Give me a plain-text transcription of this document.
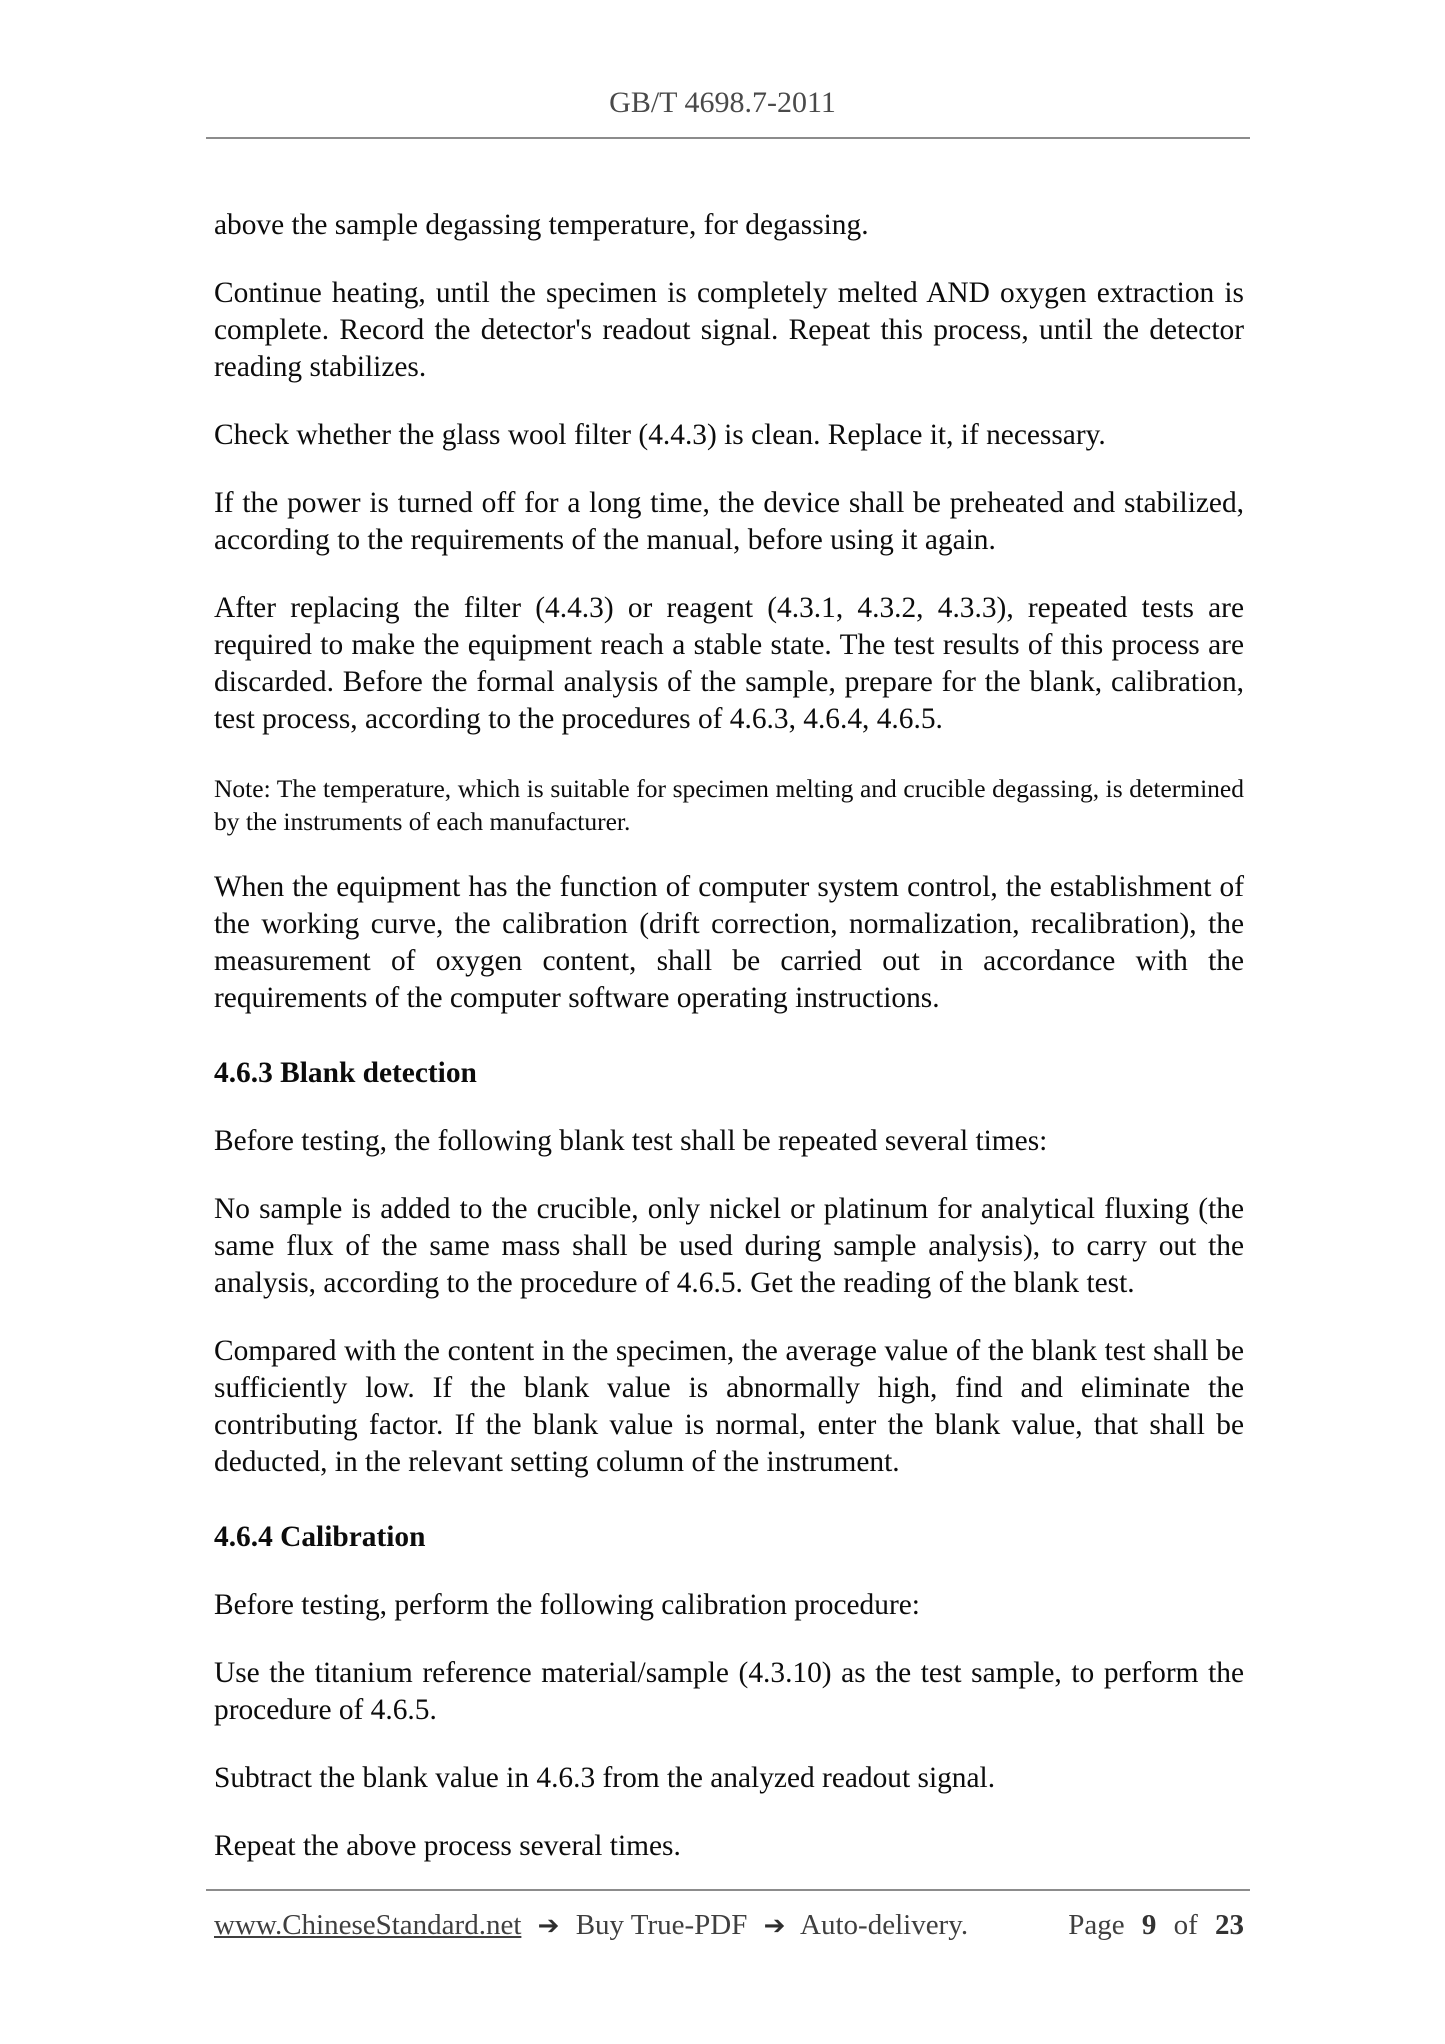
GB/T 4698.7-2011

above the sample degassing temperature, for degassing.

Continue heating, until the specimen is completely melted AND oxygen extraction is complete. Record the detector's readout signal. Repeat this process, until the detector reading stabilizes.

Check whether the glass wool filter (4.4.3) is clean. Replace it, if necessary.

If the power is turned off for a long time, the device shall be preheated and stabilized, according to the requirements of the manual, before using it again.

After replacing the filter (4.4.3) or reagent (4.3.1, 4.3.2, 4.3.3), repeated tests are required to make the equipment reach a stable state. The test results of this process are discarded. Before the formal analysis of the sample, prepare for the blank, calibration, test process, according to the procedures of 4.6.3, 4.6.4, 4.6.5.

Note: The temperature, which is suitable for specimen melting and crucible degassing, is determined by the instruments of each manufacturer.

When the equipment has the function of computer system control, the establishment of the working curve, the calibration (drift correction, normalization, recalibration), the measurement of oxygen content, shall be carried out in accordance with the requirements of the computer software operating instructions.

4.6.3 Blank detection

Before testing, the following blank test shall be repeated several times:

No sample is added to the crucible, only nickel or platinum for analytical fluxing (the same flux of the same mass shall be used during sample analysis), to carry out the analysis, according to the procedure of 4.6.5. Get the reading of the blank test.

Compared with the content in the specimen, the average value of the blank test shall be sufficiently low. If the blank value is abnormally high, find and eliminate the contributing factor. If the blank value is normal, enter the blank value, that shall be deducted, in the relevant setting column of the instrument.

4.6.4 Calibration

Before testing, perform the following calibration procedure:

Use the titanium reference material/sample (4.3.10) as the test sample, to perform the procedure of 4.6.5.

Subtract the blank value in 4.6.3 from the analyzed readout signal.

Repeat the above process several times.

www.ChineseStandard.net ➔ Buy True-PDF ➔ Auto-delivery.	Page 9 of 23
